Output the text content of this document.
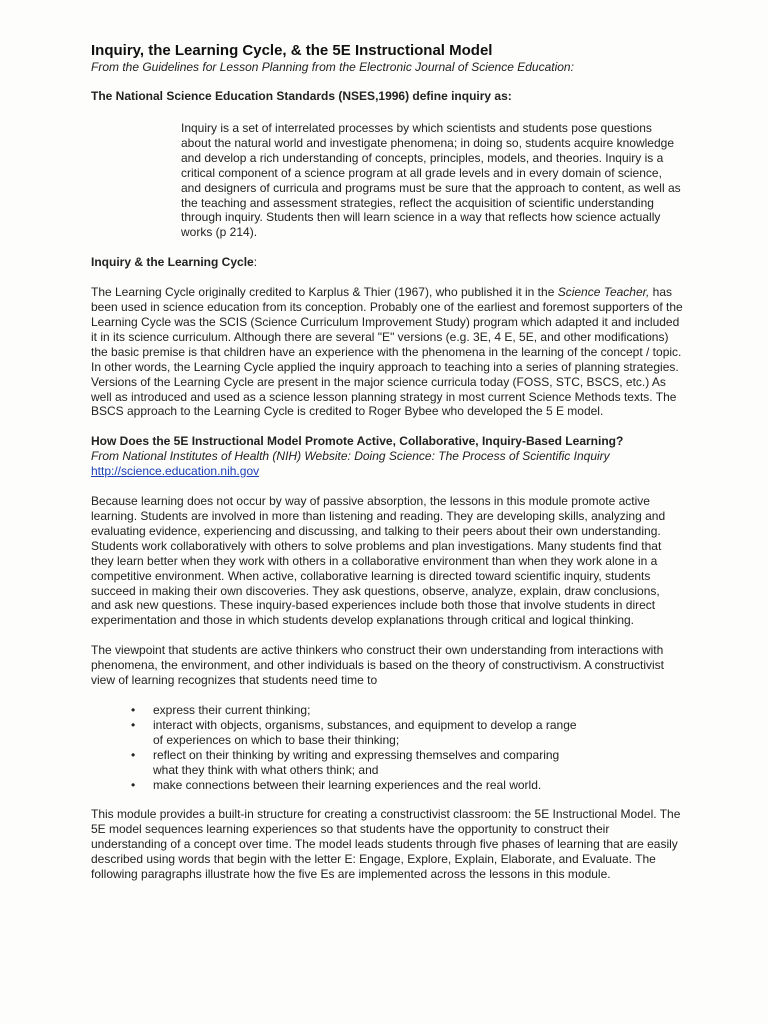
Inquiry, the Learning Cycle, & the 5E Instructional Model

From the Guidelines for Lesson Planning from the Electronic Journal of Science Education:

The National Science Education Standards (NSES,1996) define inquiry as:

Inquiry is a set of interrelated processes by which scientists and students pose questions about the natural world and investigate phenomena; in doing so, students acquire knowledge and develop a rich understanding of concepts, principles, models, and theories. Inquiry is a critical component of a science program at all grade levels and in every domain of science, and designers of curricula and programs must be sure that the approach to content, as well as the teaching and assessment strategies, reflect the acquisition of scientific understanding through inquiry. Students then will learn science in a way that reflects how science actually works (p 214).

Inquiry & the Learning Cycle:

The Learning Cycle originally credited to Karplus & Thier (1967), who published it in the Science Teacher, has been used in science education from its conception. Probably one of the earliest and foremost supporters of the Learning Cycle was the SCIS (Science Curriculum Improvement Study) program which adapted it and included it in its science curriculum. Although there are several "E" versions (e.g. 3E, 4 E, 5E, and other modifications) the basic premise is that children have an experience with the phenomena in the learning of the concept / topic. In other words, the Learning Cycle applied the inquiry approach to teaching into a series of planning strategies. Versions of the Learning Cycle are present in the major science curricula today (FOSS, STC, BSCS, etc.) As well as introduced and used as a science lesson planning strategy in most current Science Methods texts. The BSCS approach to the Learning Cycle is credited to Roger Bybee who developed the 5 E model.

How Does the 5E Instructional Model Promote Active, Collaborative, Inquiry-Based Learning?

From National Institutes of Health (NIH) Website: Doing Science: The Process of Scientific Inquiry

http://science.education.nih.gov

Because learning does not occur by way of passive absorption, the lessons in this module promote active learning. Students are involved in more than listening and reading. They are developing skills, analyzing and evaluating evidence, experiencing and discussing, and talking to their peers about their own understanding. Students work collaboratively with others to solve problems and plan investigations. Many students find that they learn better when they work with others in a collaborative environment than when they work alone in a competitive environment. When active, collaborative learning is directed toward scientific inquiry, students succeed in making their own discoveries. They ask questions, observe, analyze, explain, draw conclusions, and ask new questions. These inquiry-based experiences include both those that involve students in direct experimentation and those in which students develop explanations through critical and logical thinking.

The viewpoint that students are active thinkers who construct their own understanding from interactions with phenomena, the environment, and other individuals is based on the theory of constructivism. A constructivist view of learning recognizes that students need time to

• express their current thinking;
• interact with objects, organisms, substances, and equipment to develop a range of experiences on which to base their thinking;
• reflect on their thinking by writing and expressing themselves and comparing what they think with what others think; and
• make connections between their learning experiences and the real world.

This module provides a built-in structure for creating a constructivist classroom: the 5E Instructional Model. The 5E model sequences learning experiences so that students have the opportunity to construct their understanding of a concept over time. The model leads students through five phases of learning that are easily described using words that begin with the letter E: Engage, Explore, Explain, Elaborate, and Evaluate. The following paragraphs illustrate how the five Es are implemented across the lessons in this module.
